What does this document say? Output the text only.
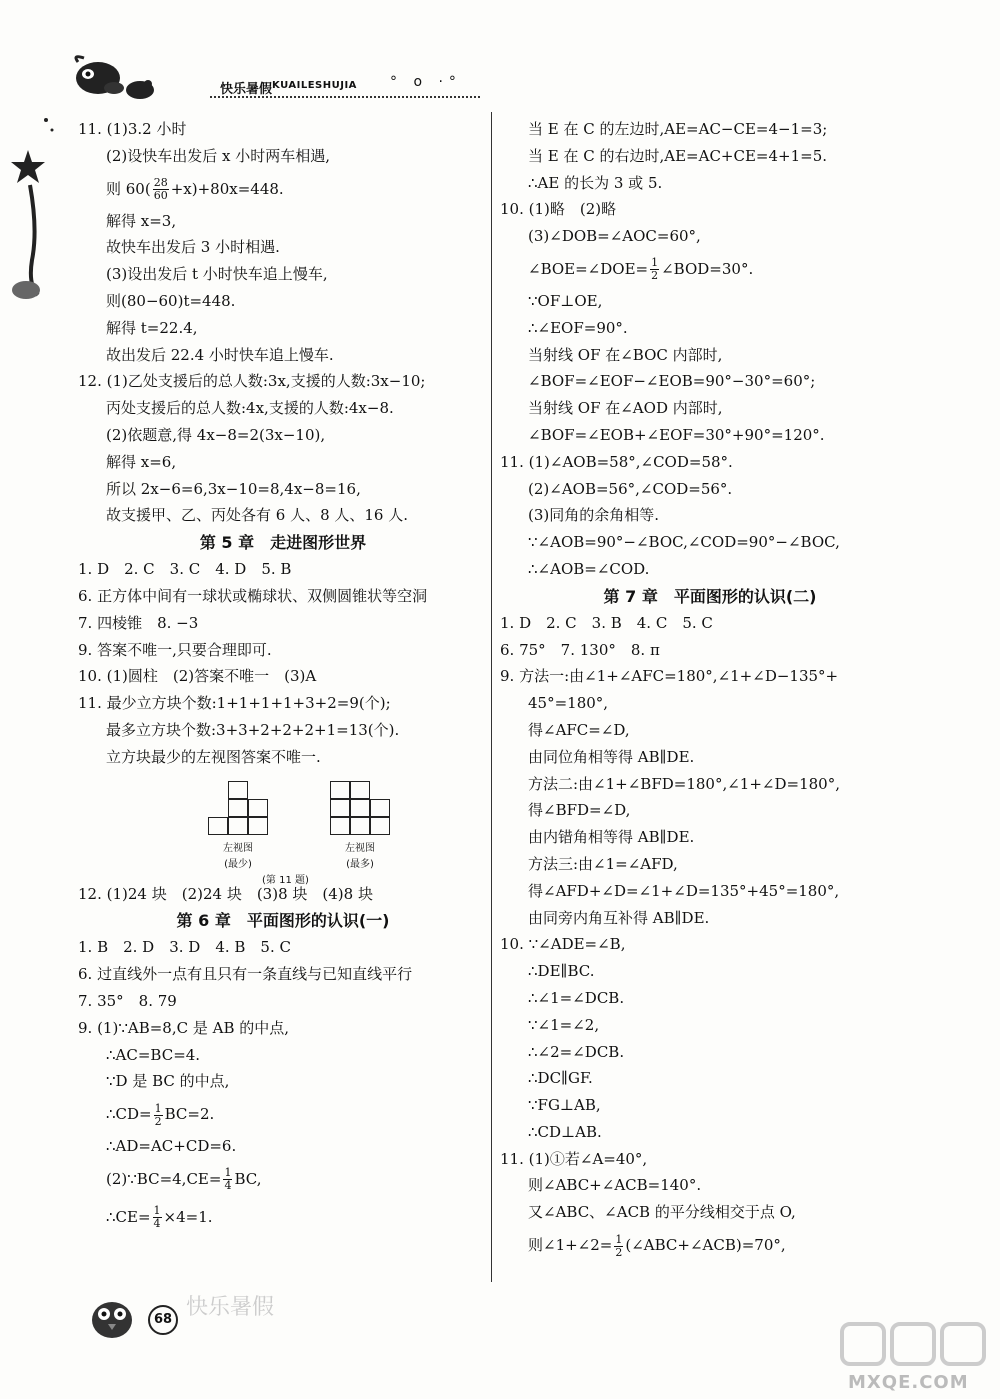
快乐暑假 KUAILESHUJIA ° o ·°
11. (1)3.2 小时
(2)设快车出发后 x 小时两车相遇,
则 $60( \frac{28}{60} +x)+80x=448$.
解得 x=3,
故快车出发后 3 小时相遇.
(3)设出发后 t 小时快车追上慢车,
则(80−60)t=448.
解得 t=22.4,
故出发后 22.4 小时快车追上慢车.
12. (1)乙处支援后的总人数:3x,支援的人数:3x−10;
丙处支援后的总人数:4x,支援的人数:4x−8.
(2)依题意,得 4x−8=2(3x−10),
解得 x=6,
所以 2x−6=6,3x−10=8,4x−8=16,
故支援甲、乙、丙处各有 6 人、8 人、16 人.
第 5 章　走进图形世界
1. D　2. C　3. C　4. D　5. B
6. 正方体中间有一球状或椭球状、双侧圆锥状等空洞
7. 四棱锥　8. −3
9. 答案不唯一,只要合理即可.
10. (1)圆柱　(2)答案不唯一　(3)A
11. 最少立方块个数:1+1+1+1+3+2=9(个);
最多立方块个数:3+3+2+2+2+1=13(个).
立方块最少的左视图答案不唯一.
左视图
(最少)
左视图
(最多)
(第 11 题)
12. (1)24 块　(2)24 块　(3)8 块　(4)8 块
第 6 章　平面图形的认识(一)
1. B　2. D　3. D　4. B　5. C
6. 过直线外一点有且只有一条直线与已知直线平行
7. 35°　8. 79
9. (1)∵AB=8,C 是 AB 的中点,
∴AC=BC=4.
∵D 是 BC 的中点,
∴CD= $\frac{1}{2} BC=2$.
∴AD=AC+CD=6.
(2)∵BC=4,CE= $\frac{1}{4}$ BC,
∴CE= $\frac{1}{4} \times 4=1$.
当 E 在 C 的左边时,AE=AC−CE=4−1=3;
当 E 在 C 的右边时,AE=AC+CE=4+1=5.
∴AE 的长为 3 或 5.
10. (1)略　(2)略
(3)∠DOB=∠AOC=60°,
∠BOE=∠DOE= $\frac{1}{2}$ ∠BOD=30°.
∵OF⊥OE,
∴∠EOF=90°.
当射线 OF 在∠BOC 内部时,
∠BOF=∠EOF−∠EOB=90°−30°=60°;
当射线 OF 在∠AOD 内部时,
∠BOF=∠EOB+∠EOF=30°+90°=120°.
11. (1)∠AOB=58°,∠COD=58°.
(2)∠AOB=56°,∠COD=56°.
(3)同角的余角相等.
∵∠AOB=90°−∠BOC,∠COD=90°−∠BOC,
∴∠AOB=∠COD.
第 7 章　平面图形的认识(二)
1. D　2. C　3. B　4. C　5. C
6. 75°　7. 130°　8. π
9. 方法一:由∠1+∠AFC=180°,∠1+∠D−135°+
45°=180°,
得∠AFC=∠D,
由同位角相等得 AB∥DE.
方法二:由∠1+∠BFD=180°,∠1+∠D=180°,
得∠BFD=∠D,
由内错角相等得 AB∥DE.
方法三:由∠1=∠AFD,
得∠AFD+∠D=∠1+∠D=135°+45°=180°,
由同旁内角互补得 AB∥DE.
10. ∵∠ADE=∠B,
∴DE∥BC.
∴∠1=∠DCB.
∵∠1=∠2,
∴∠2=∠DCB.
∴DC∥GF.
∵FG⊥AB,
∴CD⊥AB.
11. (1)①若∠A=40°,
则∠ABC+∠ACB=140°.
又∠ABC、∠ACB 的平分线相交于点 O,
则∠1+∠2= $\frac{1}{2}$ (∠ABC+∠ACB)=70°,
68 快乐暑假
MXQE.COM
